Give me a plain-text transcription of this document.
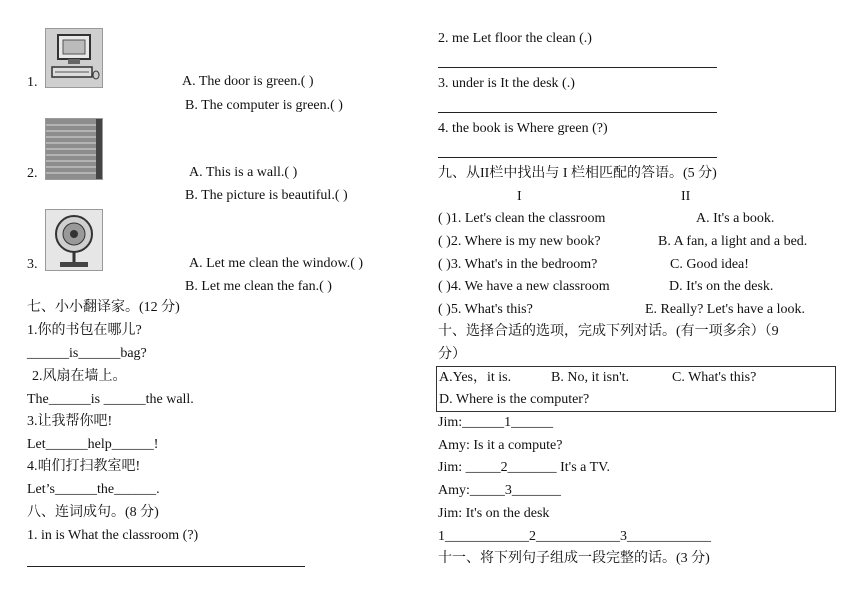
1.	A. The door is green.( )
B. The computer is green.( )
2.	A. This is a wall.( )
B. The picture is beautiful.( )
3.	A. Let me clean the window.( )
B. Let me clean the fan.( )
七、小小翻译家。(12 分)
1.你的书包在哪儿?
______is______bag?
2.风扇在墙上。
The______is ______the wall.
3.让我帮你吧!
Let______help______!
4.咱们打扫教室吧!
Let’s______the______.
八、连词成句。(8 分)
1. in is What the classroom (?)
2. me Let floor the clean (.)
3. under is It the desk (.)
4. the book is Where green (?)
九、从II栏中找出与 I 栏相匹配的答语。(5 分)
I	II
( )1. Let's clean the classroom	A. It's a book.
( )2. Where is my new book?	B. A fan, a light and a bed.
( )3. What's in the bedroom?	C. Good idea!
( )4. We have a new classroom	D. It's on the desk.
( )5. What's this?	E. Really? Let's have a look.
十、选择合适的选项，完成下列对话。(有一项多余）（9
分）
A.Yes，it is.	B. No, it isn't.	C. What's this?
D. Where is the computer?
Jim:______1______
Amy: Is it a compute?
Jim: _____2_______ It's a TV.
Amy:_____3_______
Jim: It's on the desk
1____________2____________3____________
十一、将下列句子组成一段完整的话。(3 分)
